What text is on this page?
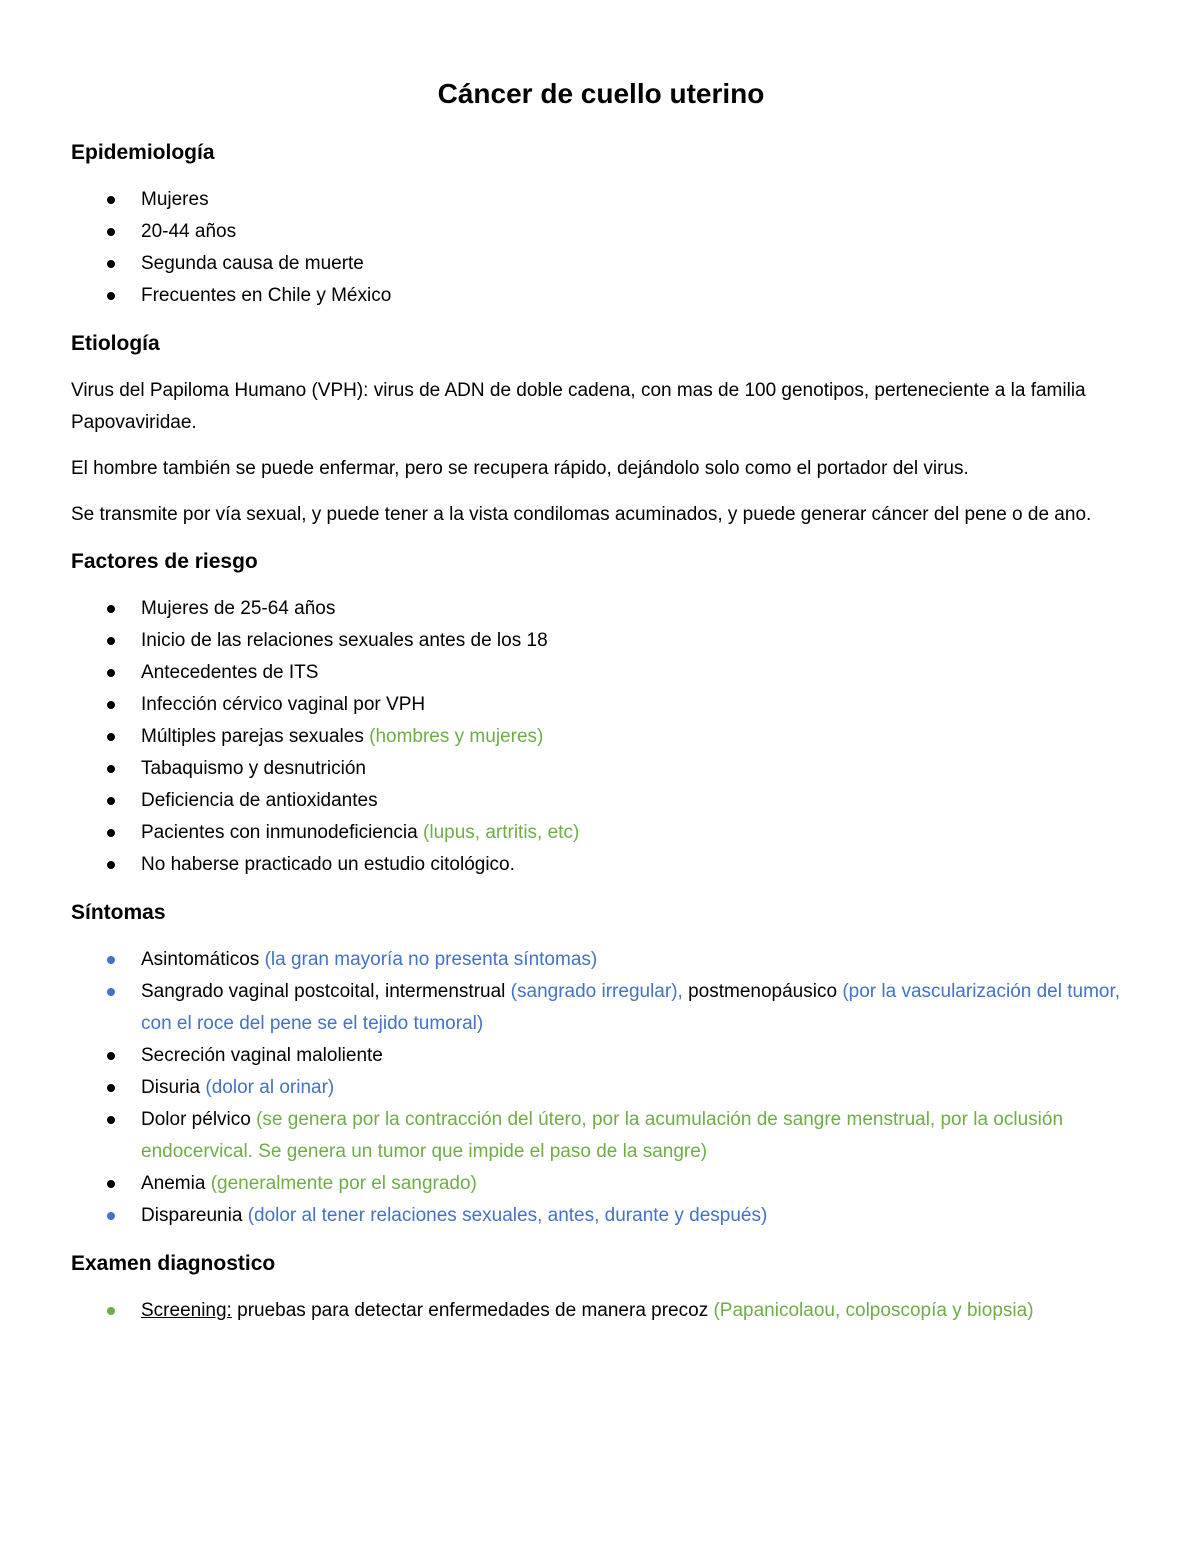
Cáncer de cuello uterino
Epidemiología
Mujeres
20-44 años
Segunda causa de muerte
Frecuentes en Chile y México
Etiología

Virus del Papiloma Humano (VPH): virus de ADN de doble cadena, con mas de 100 genotipos, perteneciente a la familia Papovaviridae.

El hombre también se puede enfermar, pero se recupera rápido, dejándolo solo como el portador del virus.

Se transmite por vía sexual, y puede tener a la vista condilomas acuminados, y puede generar cáncer del pene o de ano.

Factores de riesgo
Mujeres de 25-64 años
Inicio de las relaciones sexuales antes de los 18
Antecedentes de ITS
Infección cérvico vaginal por VPH
Múltiples parejas sexuales (hombres y mujeres)
Tabaquismo y desnutrición
Deficiencia de antioxidantes
Pacientes con inmunodeficiencia (lupus, artritis, etc)
No haberse practicado un estudio citológico.
Síntomas
Asintomáticos (la gran mayoría no presenta síntomas)
Sangrado vaginal postcoital, intermenstrual (sangrado irregular), postmenopáusico (por la vascularización del tumor, con el roce del pene se el tejido tumoral)
Secreción vaginal maloliente
Disuria (dolor al orinar)
Dolor pélvico (se genera por la contracción del útero, por la acumulación de sangre menstrual, por la oclusión endocervical. Se genera un tumor que impide el paso de la sangre)
Anemia (generalmente por el sangrado)
Dispareunia (dolor al tener relaciones sexuales, antes, durante y después)
Examen diagnostico
Screening: pruebas para detectar enfermedades de manera precoz (Papanicolaou, colposcopía y biopsia)
